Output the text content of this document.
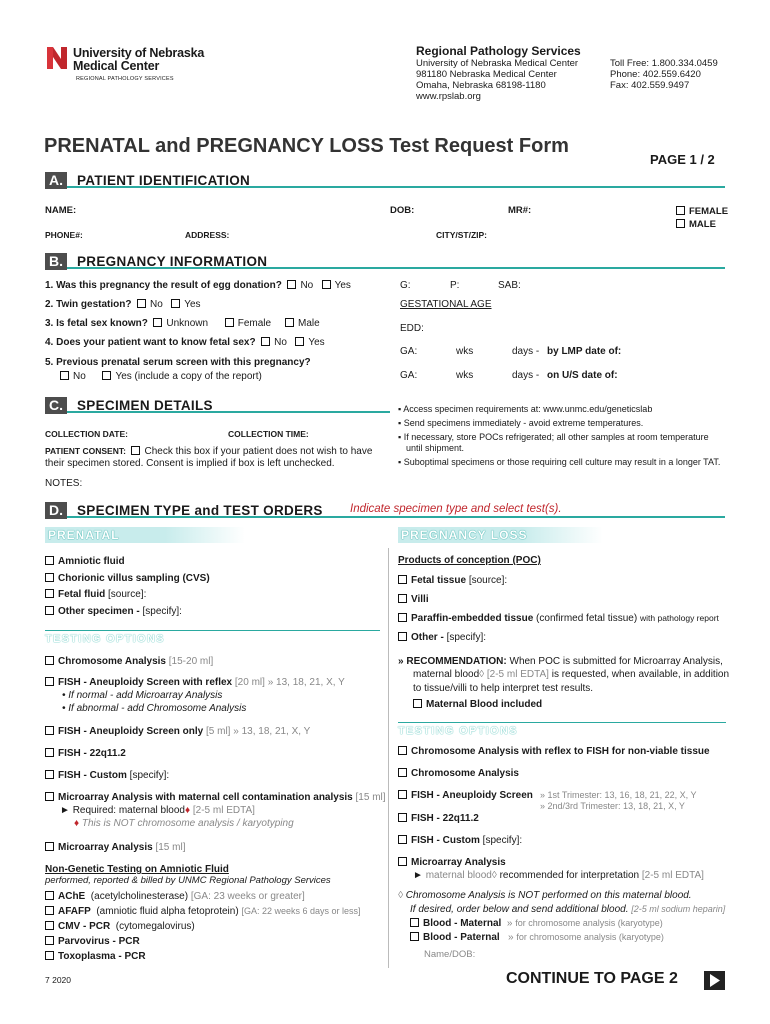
University of Nebraska
Medical Center
REGIONAL PATHOLOGY SERVICES
Regional Pathology Services
University of Nebraska Medical Center
981180 Nebraska Medical Center
Omaha, Nebraska 68198-1180
www.rpslab.org
Toll Free: 1.800.334.0459
Phone: 402.559.6420
Fax: 402.559.9497
PRENATAL and PREGNANCY LOSS Test Request Form
PAGE 1 / 2
A. PATIENT IDENTIFICATION
NAME:	DOB:	MR#:	FEMALE
MALE
PHONE#:	ADDRESS:	CITY/ST/ZIP:
B. PREGNANCY INFORMATION
1. Was this pregnancy the result of egg donation? No Yes
2. Twin gestation? No Yes
3. Is fetal sex known? Unknown	Female	Male
4. Does your patient want to know fetal sex? No Yes
5. Previous prenatal serum screen with this pregnancy?
No	Yes (include a copy of the report)
G:	P:	SAB:
GESTATIONAL AGE
EDD:
GA:	wks	days - by LMP date of:
GA:	wks	days - on U/S date of:
C. SPECIMEN DETAILS
COLLECTION DATE:	COLLECTION TIME:
PATIENT CONSENT: Check this box if your patient does not wish to have
their specimen stored. Consent is implied if box is left unchecked.
NOTES:
▪ Access specimen requirements at: www.unmc.edu/geneticslab
▪ Send specimens immediately - avoid extreme temperatures.
▪ If necessary, store POCs refrigerated; all other samples at room temperature
until shipment.
▪ Suboptimal specimens or those requiring cell culture may result in a longer TAT.
D. SPECIMEN TYPE and TEST ORDERS Indicate specimen type and select test(s).
PRENATAL	PREGNANCY LOSS
Amniotic fluid
Chorionic villus sampling (CVS)
Fetal fluid [source]:
Other specimen - [specify]:
TESTING OPTIONS
Chromosome Analysis [15-20 ml]
FISH - Aneuploidy Screen with reflex [20 ml] » 13, 18, 21, X, Y
• If normal - add Microarray Analysis
• If abnormal - add Chromosome Analysis
FISH - Aneuploidy Screen only [5 ml] » 13, 18, 21, X, Y
FISH - 22q11.2
FISH - Custom [specify]:
Microarray Analysis with maternal cell contamination analysis [15 ml]
► Required: maternal blood♦ [2-5 ml EDTA]
♦ This is NOT chromosome analysis / karyotyping
Microarray Analysis [15 ml]
Non-Genetic Testing on Amniotic Fluid
performed, reported & billed by UNMC Regional Pathology Services
AChE (acetylcholinesterase) [GA: 23 weeks or greater]
AFAFP (amniotic fluid alpha fetoprotein) [GA: 22 weeks 6 days or less]
CMV - PCR (cytomegalovirus)
Parvovirus - PCR
Toxoplasma - PCR
Products of conception (POC)
Fetal tissue [source]:
Villi
Paraffin-embedded tissue (confirmed fetal tissue) with pathology report
Other - [specify]:
» RECOMMENDATION: When POC is submitted for Microarray Analysis,
maternal blood◊ [2-5 ml EDTA] is requested, when available, in addition
to tissue/villi to help interpret test results.
Maternal Blood included
TESTING OPTIONS
Chromosome Analysis with reflex to FISH for non-viable tissue
Chromosome Analysis
FISH - Aneuploidy Screen » 1st Trimester: 13, 16, 18, 21, 22, X, Y
» 2nd/3rd Trimester: 13, 18, 21, X, Y
FISH - 22q11.2
FISH - Custom [specify]:
Microarray Analysis
► maternal blood◊ recommended for interpretation [2-5 ml EDTA]
◊ Chromosome Analysis is NOT performed on this maternal blood.
If desired, order below and send additional blood. [2-5 ml sodium heparin]
Blood - Maternal » for chromosome analysis (karyotype)
Blood - Paternal » for chromosome analysis (karyotype)
Name/DOB:
7 2020	CONTINUE TO PAGE 2
